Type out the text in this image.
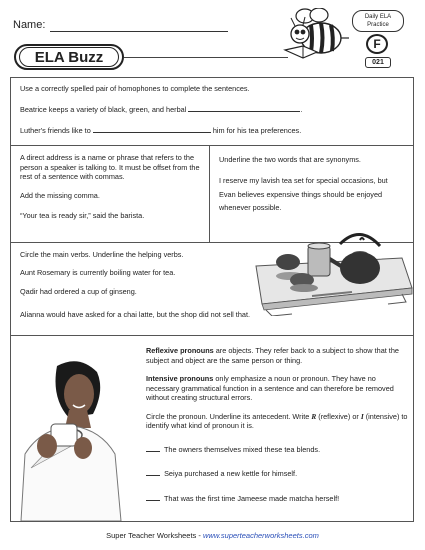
Name:
ELA Buzz
Daily ELA
Practice
F
021

Use a correctly spelled pair of homophones to complete the sentences.

Beatrice keeps a variety of black, green, and herbal	.

Luther's friends like to	him for his tea preferences.

A direct address is a name or phrase that refers to the person a speaker is talking to. It must be offset from the rest of a sentence with commas.

Add the missing comma.

“Your tea is ready sir,” said the barista.

Underline the two words that are synonyms.

I reserve my lavish tea set for special occasions, but Evan believes expensive things should be enjoyed whenever possible.

Circle the main verbs. Underline the helping verbs.

Aunt Rosemary is currently boiling water for tea.

Qadir had ordered a cup of ginseng.

Alianna would have asked for a chai latte, but the shop did not sell that.

Reflexive pronouns are objects. They refer back to a subject to show that the subject and object are the same person or thing.

Intensive pronouns only emphasize a noun or pronoun. They have no necessary grammatical function in a sentence and can therefore be removed without creating structural errors.

Circle the pronoun. Underline its antecedent. Write R (reflexive) or I (intensive) to identify what kind of pronoun it is.

The owners themselves mixed these tea blends.

Seiya purchased a new kettle for himself.

That was the first time Jameese made matcha herself!

Super Teacher Worksheets - www.superteacherworksheets.com
